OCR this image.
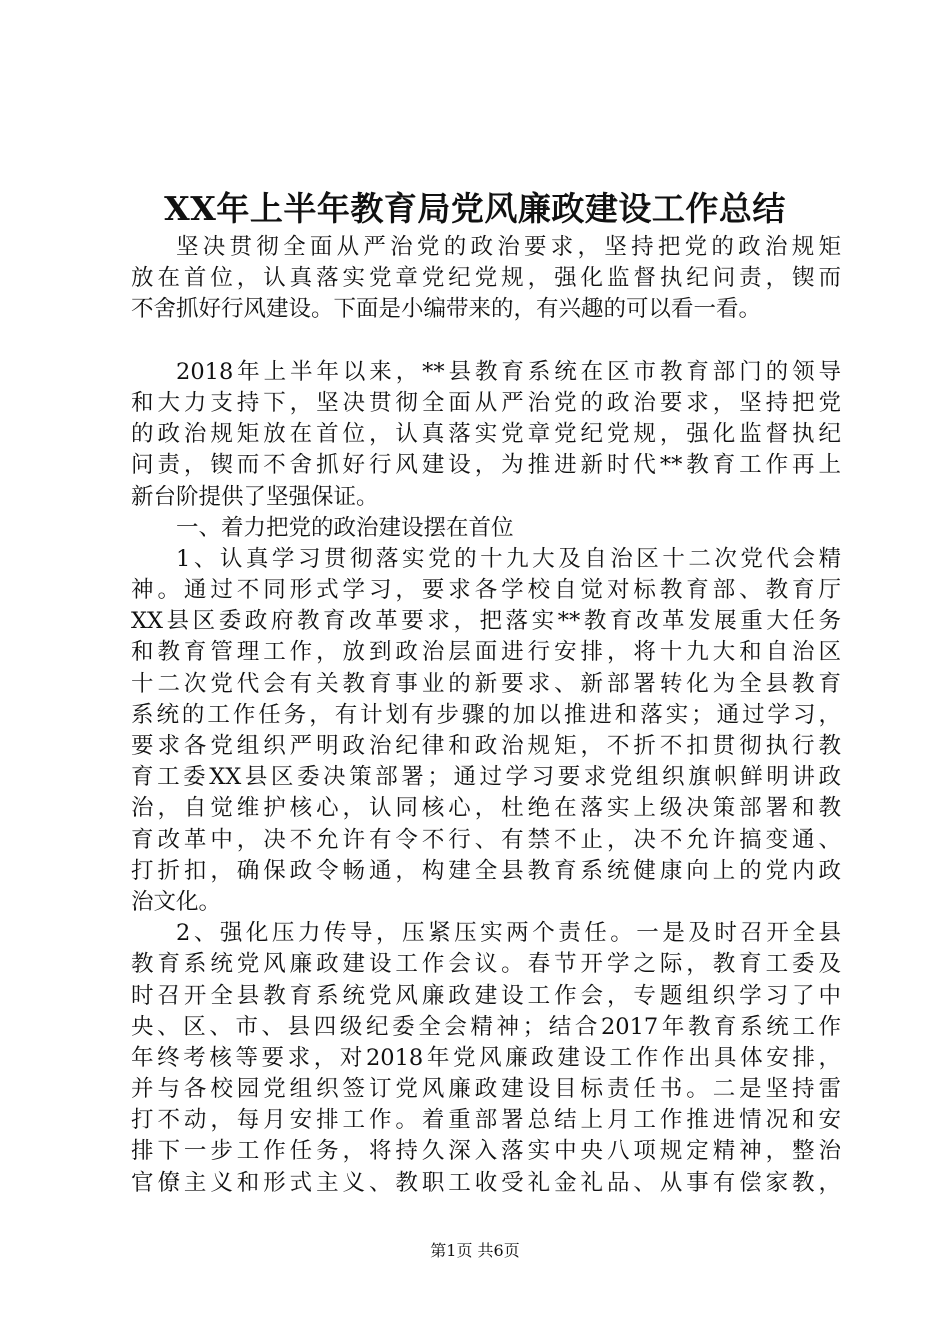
XX年上半年教育局党风廉政建设工作总结
坚决贯彻全面从严治党的政治要求，坚持把党的政治规矩
放在首位，认真落实党章党纪党规，强化监督执纪问责，锲而
不舍抓好行风建设。下面是小编带来的，有兴趣的可以看一看。
2018年上半年以来，**县教育系统在区市教育部门的领导
和大力支持下，坚决贯彻全面从严治党的政治要求，坚持把党
的政治规矩放在首位，认真落实党章党纪党规，强化监督执纪
问责，锲而不舍抓好行风建设，为推进新时代**教育工作再上
新台阶提供了坚强保证。
一、着力把党的政治建设摆在首位
1、认真学习贯彻落实党的十九大及自治区十二次党代会精
神。通过不同形式学习，要求各学校自觉对标教育部、教育厅
XX县区委政府教育改革要求，把落实**教育改革发展重大任务
和教育管理工作，放到政治层面进行安排，将十九大和自治区
十二次党代会有关教育事业的新要求、新部署转化为全县教育
系统的工作任务，有计划有步骤的加以推进和落实；通过学习，
要求各党组织严明政治纪律和政治规矩，不折不扣贯彻执行教
育工委XX县区委决策部署；通过学习要求党组织旗帜鲜明讲政
治，自觉维护核心，认同核心，杜绝在落实上级决策部署和教
育改革中，决不允许有令不行、有禁不止，决不允许搞变通、
打折扣，确保政令畅通，构建全县教育系统健康向上的党内政
治文化。
2、强化压力传导，压紧压实两个责任。一是及时召开全县
教育系统党风廉政建设工作会议。春节开学之际，教育工委及
时召开全县教育系统党风廉政建设工作会，专题组织学习了中
央、区、市、县四级纪委全会精神；结合2017年教育系统工作
年终考核等要求，对2018年党风廉政建设工作作出具体安排，
并与各校园党组织签订党风廉政建设目标责任书。二是坚持雷
打不动，每月安排工作。着重部署总结上月工作推进情况和安
排下一步工作任务，将持久深入落实中央八项规定精神，整治
官僚主义和形式主义、教职工收受礼金礼品、从事有偿家教，
第1页 共6页
